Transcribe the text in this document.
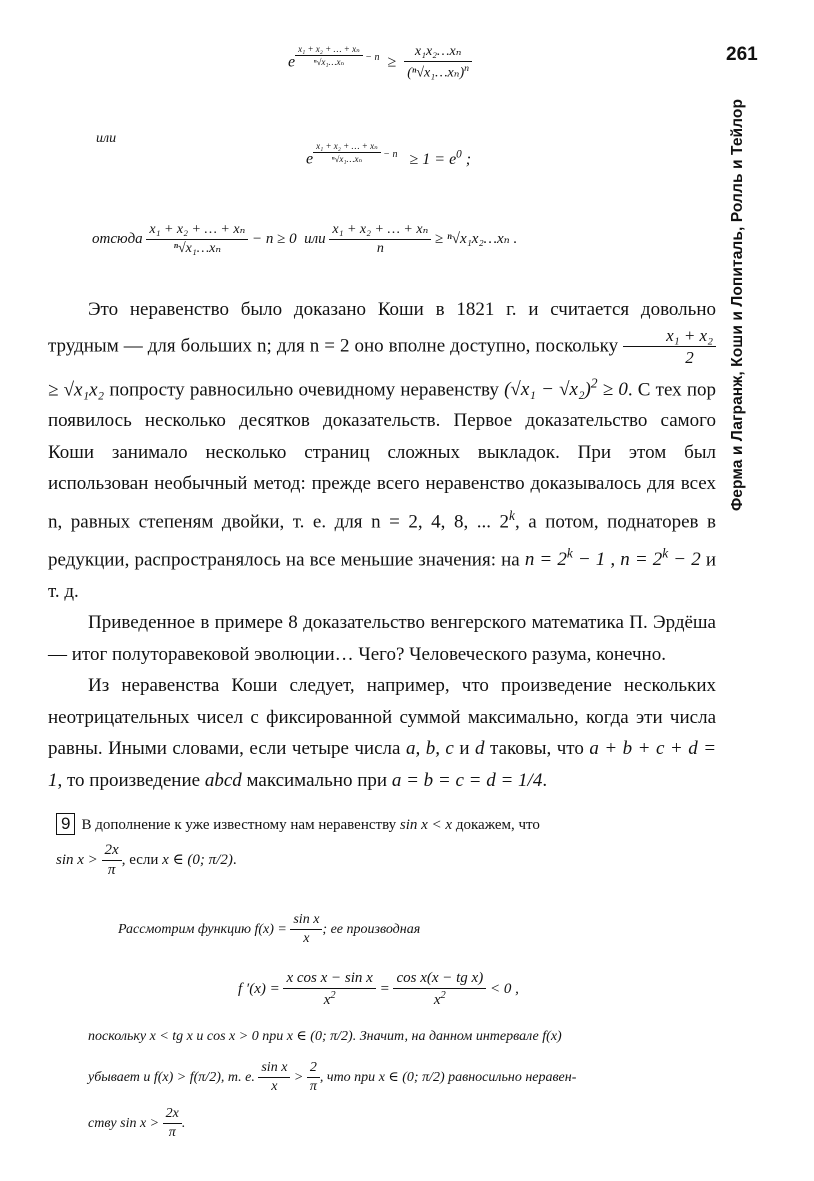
261
Ферма и Лагранж, Коши и Лопиталь, Ролль и Тейлор
e $\frac{\text{x₁ + x₂ + … + xₙ}}{\text{ⁿ√x₁…xₙ}} - n \ge \frac{\text{x₁x₂…xₙ}}{(^n√x_1\dots x_n)^n}$
или
e $\frac{\text{x₁ + x₂ + … + xₙ}}{\text{ⁿ√x₁…xₙ}} - n \ge 1 = e^0$ ;
отсюда $\frac{\text{x₁ + x₂ + … + xₙ}}{\text{ⁿ√x₁…xₙ}} - n \ge 0$  или $\frac{\text{x₁ + x₂ + … + xₙ}}{n}$ ≥ ⁿ√x₁x₂…xₙ .

Это неравенство было доказано Коши в 1821 г. и считается довольно трудным — для больших n; для n = 2 оно вполне доступно, поскольку $\frac{\text{x₁ + x₂}}{2}$
≥ √x₁x₂ попросту равносильно очевидному неравенству $(√x_1 - √x_2)^2 \ge 0$. С тех пор появилось несколько десятков доказательств. Первое доказательство самого Коши занимало несколько страниц сложных выкладок. При этом был использован необычный метод: прежде всего неравенство доказывалось для всех n, равных степеням двойки, т. е. для n = 2, 4, 8, ... 2$^k$, а потом, поднаторев в редукции, распространялось на все меньшие значения: на $n = 2^k - 1$ , $n = 2^k - 2$ и т. д.

Приведенное в примере 8 доказательство венгерского математика П. Эрдёша — итог полуторавековой эволюции… Чего? Человеческого разума, конечно.

Из неравенства Коши следует, например, что произведение нескольких неотрицательных чисел с фиксированной суммой максимально, когда эти числа равны. Иными словами, если четыре числа a, b, c и d таковы, что a + b + c + d = 1, то произведение abcd максимально при a = b = c = d = 1/4.

9 В дополнение к уже известному нам неравенству sin x < x докажем, что
$\sin x > \frac{2x}{\pi}$ , если x ∈ (0; π/2).
Рассмотрим функцию $f(x) = \frac{\text{sin x}}{x}$ ; ее производная
f $'(x) = \frac{\text{x cos x − sin x}}{x^2} = \frac{\text{cos x(x − tg x)}}{x^2} < 0$ ,
поскольку x < tg x и cos x > 0 при x ∈ (0; π/2). Значит, на данном интервале f(x)
убывает и f(x) > f(π/2), т. е. $\frac{\text{sin x}}{x} > \frac{2}{\pi}$ , что при x ∈ (0; π/2) равносильно неравен-
ству $\sin x > \frac{2x}{\pi}$ .
